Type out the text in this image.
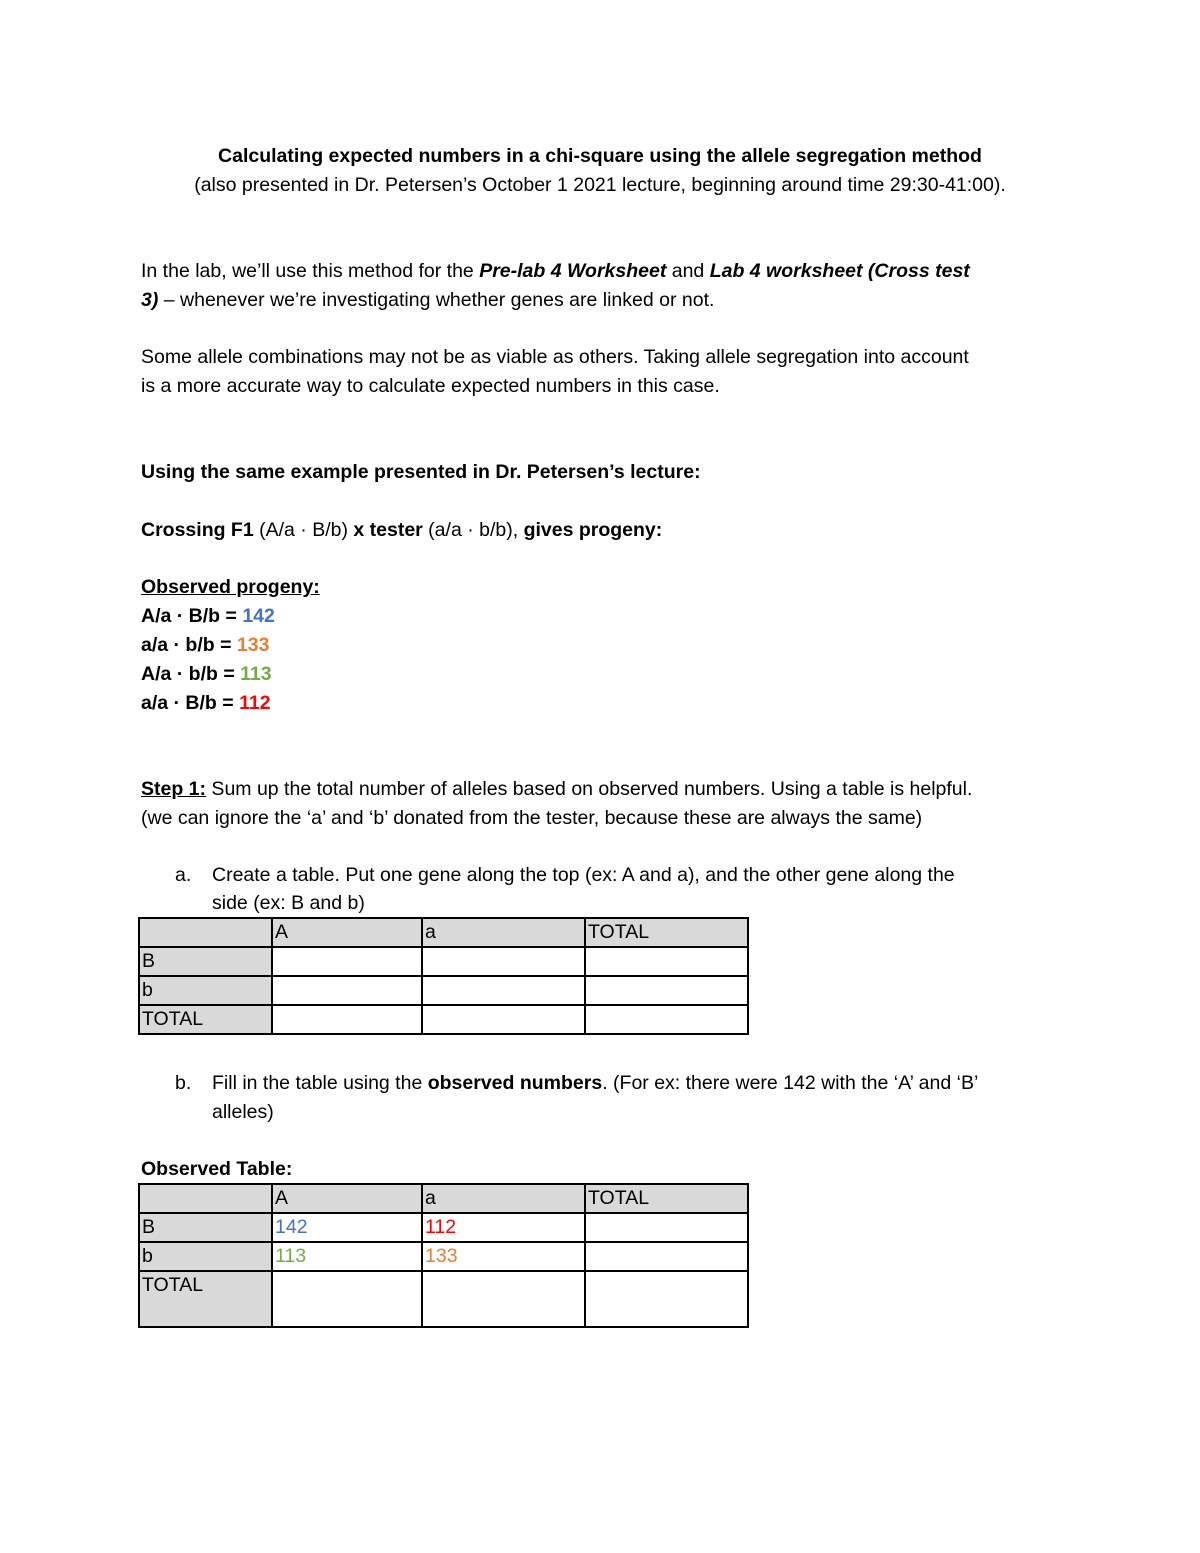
Calculating expected numbers in a chi-square using the allele segregation method
(also presented in Dr. Petersen’s October 1 2021 lecture, beginning around time 29:30-41:00).
In the lab, we’ll use this method for the Pre-lab 4 Worksheet and Lab 4 worksheet (Cross test
3) – whenever we’re investigating whether genes are linked or not.
Some allele combinations may not be as viable as others. Taking allele segregation into account
is a more accurate way to calculate expected numbers in this case.
Using the same example presented in Dr. Petersen’s lecture:
Crossing F1 (A/a · B/b) x tester (a/a · b/b), gives progeny:
Observed progeny:
A/a · B/b = 142
a/a · b/b = 133
A/a · b/b = 113
a/a · B/b = 112
Step 1: Sum up the total number of alleles based on observed numbers. Using a table is helpful.
(we can ignore the ‘a’ and ‘b’ donated from the tester, because these are always the same)
a. Create a table. Put one gene along the top (ex: A and a), and the other gene along the
side (ex: B and b)
	A	a	TOTAL
B			
b			
TOTAL			
b. Fill in the table using the observed numbers. (For ex: there were 142 with the ‘A’ and ‘B’
alleles)
Observed Table:
	A	a	TOTAL
B	142	112	
b	113	133	
TOTAL			
